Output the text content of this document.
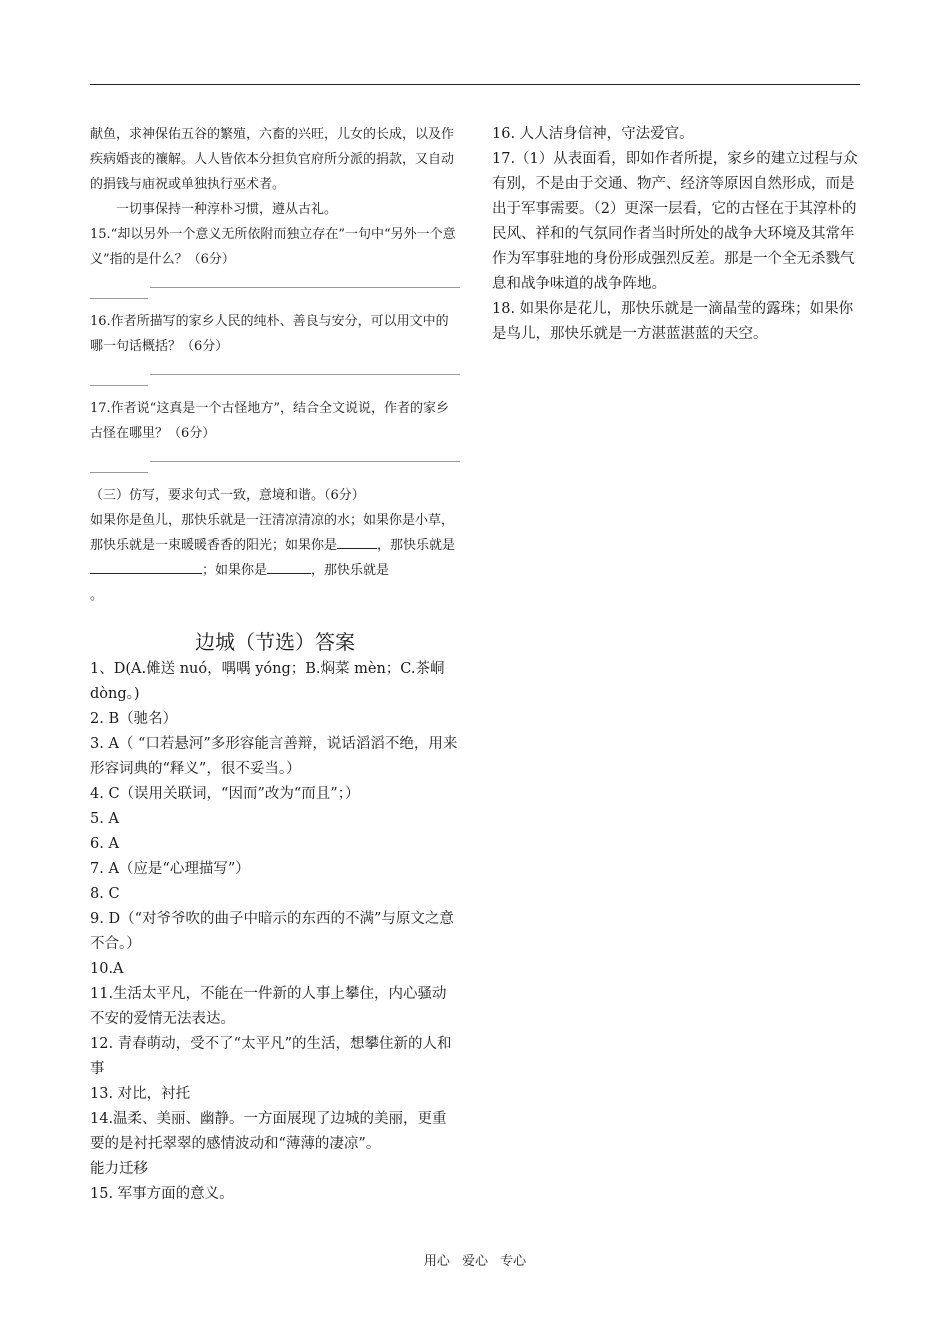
献鱼，求神保佑五谷的繁殖，六畜的兴旺，儿女的长成，以及作疾病婚丧的禳解。人人皆依本分担负官府所分派的捐款，又自动的捐钱与庙祝或单独执行巫术者。

一切事保持一种淳朴习惯，遵从古礼。

15.“却以另外一个意义无所依附而独立存在”一句中“另外一个意义”指的是什么？（6分）

16.作者所描写的家乡人民的纯朴、善良与安分，可以用文中的哪一句话概括？（6分）

17.作者说“这真是一个古怪地方”，结合全文说说，作者的家乡古怪在哪里？（6分）

（三）仿写，要求句式一致，意境和谐。（6分）

如果你是鱼儿，那快乐就是一汪清凉清凉的水；如果你是小草，那快乐就是一束暖暖香香的阳光；如果你是	，那快乐就是；如果你是	，那快乐就是
。

边城（节选）答案

1、D(A.傩送 nuó，喁喁 yóng；B.焖菜 mèn；C.茶峒 dòng。)

2. B（驰名）

3. A（ “口若悬河”多形容能言善辩，说话滔滔不绝，用来形容词典的“释义”，很不妥当。）

4. C（误用关联词，“因而”改为“而且”；）

5. A

6. A

7. A（应是“心理描写”）

8. C

9. D（“对爷爷吹的曲子中暗示的东西的不满”与原文之意不合。）

10.A

11.生活太平凡，不能在一件新的人事上攀住，内心骚动不安的爱情无法表达。

12. 青春萌动，受不了“太平凡”的生活，想攀住新的人和事

13. 对比，衬托

14.温柔、美丽、幽静。一方面展现了边城的美丽，更重要的是衬托翠翠的感情波动和“薄薄的凄凉”。

能力迁移

15. 军事方面的意义。

16. 人人洁身信神，守法爱官。

17.（1）从表面看，即如作者所提，家乡的建立过程与众有别，不是由于交通、物产、经济等原因自然形成，而是出于军事需要。（2）更深一层看，它的古怪在于其淳朴的民风、祥和的气氛同作者当时所处的战争大环境及其常年作为军事驻地的身份形成强烈反差。那是一个全无杀戮气息和战争味道的战争阵地。

18. 如果你是花儿，那快乐就是一滴晶莹的露珠；如果你是鸟儿，那快乐就是一方湛蓝湛蓝的天空。

用心 爱心 专心
